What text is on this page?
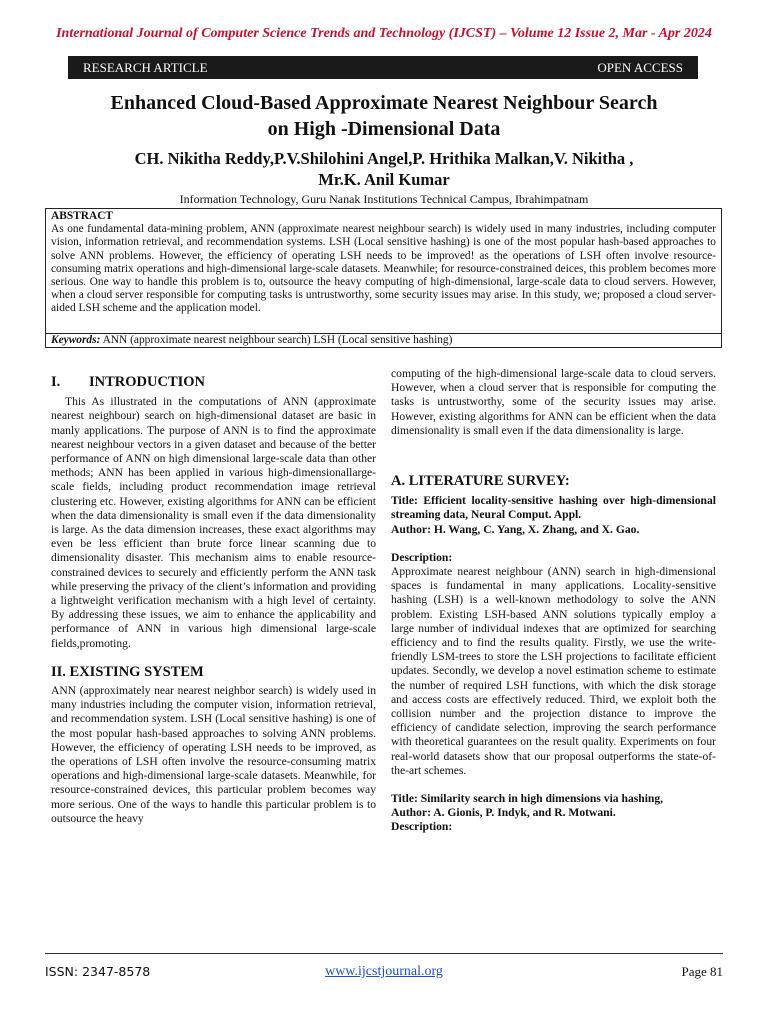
International Journal of Computer Science Trends and Technology (IJCST) – Volume 12 Issue 2, Mar - Apr 2024
RESEARCH ARTICLE	OPEN ACCESS
Enhanced Cloud-Based Approximate Nearest Neighbour Search
on High -Dimensional Data
CH. Nikitha Reddy,P.V.Shilohini Angel,P. Hrithika Malkan,V. Nikitha ,
Mr.K. Anil Kumar
Information Technology, Guru Nanak Institutions Technical Campus, Ibrahimpatnam
ABSTRACT
As one fundamental data-mining problem, ANN (approximate nearest neighbour search) is widely used in many industries, including computer vision, information retrieval, and recommendation systems. LSH (Local sensitive hashing) is one of the most popular hash-based approaches to solve ANN problems. However, the efficiency of operating LSH needs to be improved! as the operations of LSH often involve resource-consuming matrix operations and high-dimensional large-scale datasets. Meanwhile; for resource-constrained deices, this problem becomes more serious. One way to handle this problem is to, outsource the heavy computing of high-dimensional, large-scale data to cloud servers. However, when a cloud server responsible for computing tasks is untrustworthy, some security issues may arise. In this study, we; proposed a cloud server-aided LSH scheme and the application model.
Keywords: ANN (approximate nearest neighbour search) LSH (Local sensitive hashing)
I. INTRODUCTION

This As illustrated in the computations of ANN (approximate nearest neighbour) search on high-dimensional dataset are basic in manly applications. The purpose of ANN is to find the approximate nearest neighbour vectors in a given dataset and because of the better performance of ANN on high dimensional large-scale data than other methods; ANN has been applied in various high-dimensionallarge-scale fields, including product recommendation image retrieval clustering etc. However, existing algorithms for ANN can be efficient when the data dimensionality is small even if the data dimensionality is large. As the data dimension increases, these exact algorithms may even be less efficient than brute force linear scanning due to dimensionality disaster. This mechanism aims to enable resource-constrained devices to securely and efficiently perform the ANN task while preserving the privacy of the client’s information and providing a lightweight verification mechanism with a high level of certainty. By addressing these issues, we aim to enhance the applicability and performance of ANN in various high dimensional large-scale fields,promoting.

II. EXISTING SYSTEM

ANN (approximately near nearest neighbor search) is widely used in many industries including the computer vision, information retrieval, and recommendation system. LSH (Local sensitive hashing) is one of the most popular hash-based approaches to solving ANN problems. However, the efficiency of operating LSH needs to be improved, as the operations of LSH often involve the resource-consuming matrix operations and high-dimensional large-scale datasets. Meanwhile, for resource-constrained devices, this particular problem becomes way more serious. One of the ways to handle this particular problem is to outsource the heavy

computing of the high-dimensional large-scale data to cloud servers. However, when a cloud server that is responsible for computing the tasks is untrustworthy, some of the security issues may arise. However, existing algorithms for ANN can be efficient when the data dimensionality is small even if the data dimensionality is large.

A. LITERATURE SURVEY:
Title: Efficient locality-sensitive hashing over high-dimensional streaming data, Neural Comput. Appl.
Author: H. Wang, C. Yang, X. Zhang, and X. Gao.
Description:

Approximate nearest neighbour (ANN) search in high-dimensional spaces is fundamental in many applications. Locality-sensitive hashing (LSH) is a well-known methodology to solve the ANN problem. Existing LSH-based ANN solutions typically employ a large number of individual indexes that are optimized for searching efficiency and to find the results quality. Firstly, we use the write-friendly LSM-trees to store the LSH projections to facilitate efficient updates. Secondly, we develop a novel estimation scheme to estimate the number of required LSH functions, with which the disk storage and access costs are effectively reduced. Third, we exploit both the collision number and the projection distance to improve the efficiency of candidate selection, improving the search performance with theoretical guarantees on the result quality. Experiments on four real-world datasets show that our proposal outperforms the state-of-the-art schemes.

Title: Similarity search in high dimensions via hashing,
Author: A. Gionis, P. Indyk, and R. Motwani.
Description:
ISSN: 2347-8578	www.ijcstjournal.org	Page 81
